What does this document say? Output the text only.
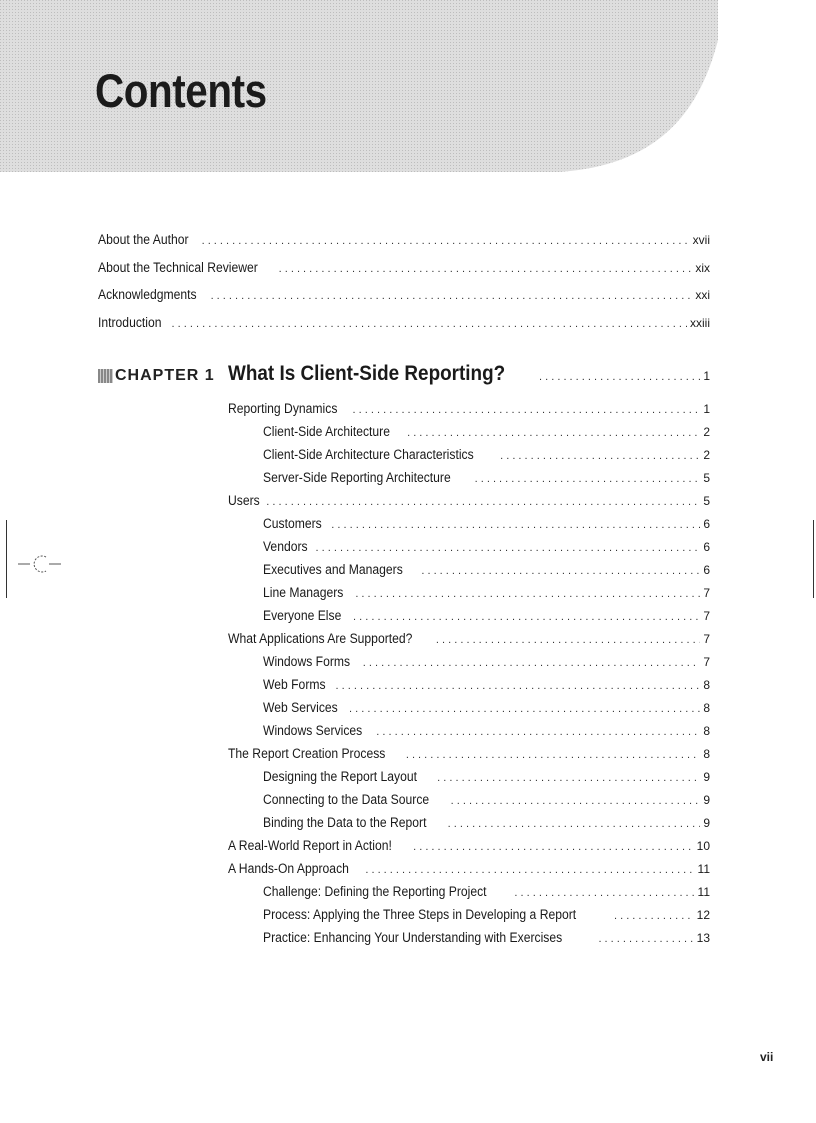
Contents
About the Author . . .	xvii
About the Technical Reviewer . . .	xix
Acknowledgments . . .	xxi
Introduction . . .	xxiii
CHAPTER 1 What Is Client-Side Reporting? . . .	1
Reporting Dynamics . . .	1
Client-Side Architecture . . .	2
Client-Side Architecture Characteristics . . .	2
Server-Side Reporting Architecture . . .	5
Users . . .	5
Customers . . .	6
Vendors . . .	6
Executives and Managers . . .	6
Line Managers . . .	7
Everyone Else . . .	7
What Applications Are Supported? . . .	7
Windows Forms . . .	7
Web Forms . . .	8
Web Services . . .	8
Windows Services . . .	8
The Report Creation Process . . .	8
Designing the Report Layout . . .	9
Connecting to the Data Source . . .	9
Binding the Data to the Report . . .	9
A Real-World Report in Action! . . .	10
A Hands-On Approach . . .	11
Challenge: Defining the Reporting Project . . .	11
Process: Applying the Three Steps in Developing a Report . . .	12
Practice: Enhancing Your Understanding with Exercises . . .	13
vii
